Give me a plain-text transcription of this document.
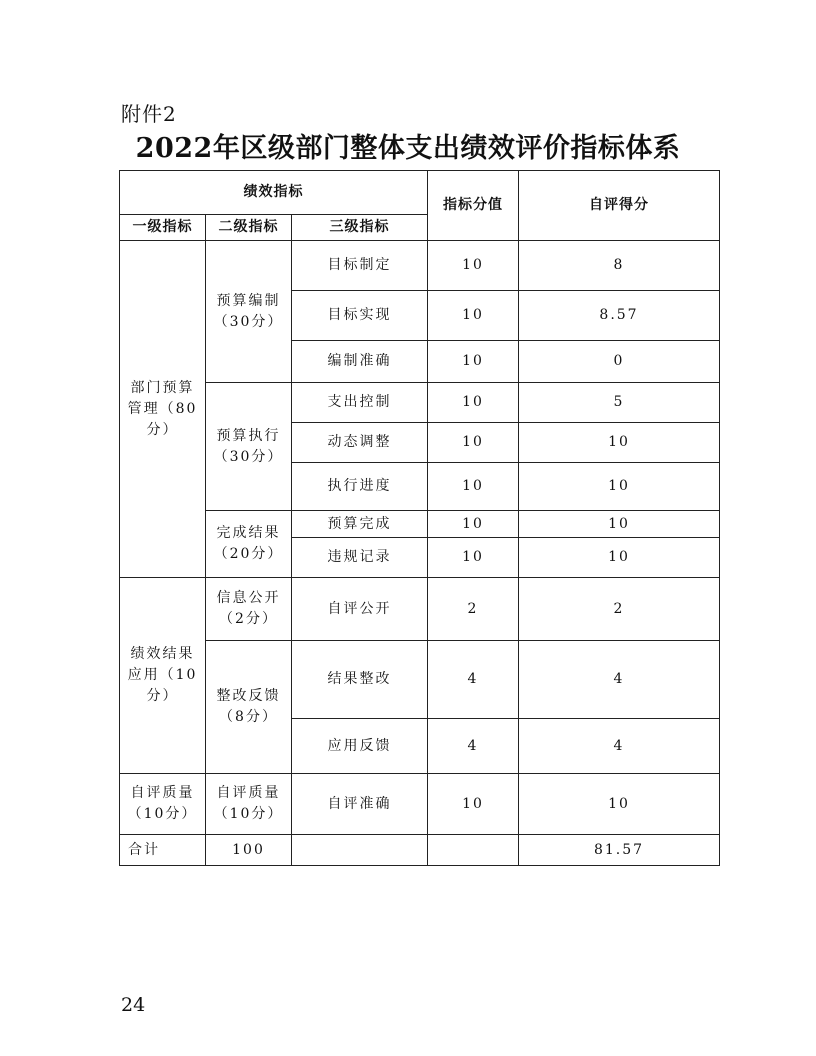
附件2
2022年区级部门整体支出绩效评价指标体系
绩效指标			指标分值	自评得分
一级指标	二级指标	三级指标		
部门预算管理（80分）	预算编制（30分）	目标制定	10	8
		目标实现	10	8.57
		编制准确	10	0
	预算执行（30分）	支出控制	10	5
		动态调整	10	10
		执行进度	10	10
	完成结果（20分）	预算完成	10	10
		违规记录	10	10
绩效结果应用（10分）	信息公开（2分）	自评公开	2	2
	整改反馈（8分）	结果整改	4	4
		应用反馈	4	4
自评质量（10分）	自评质量（10分）	自评准确	10	10
合计	100			81.57
24
